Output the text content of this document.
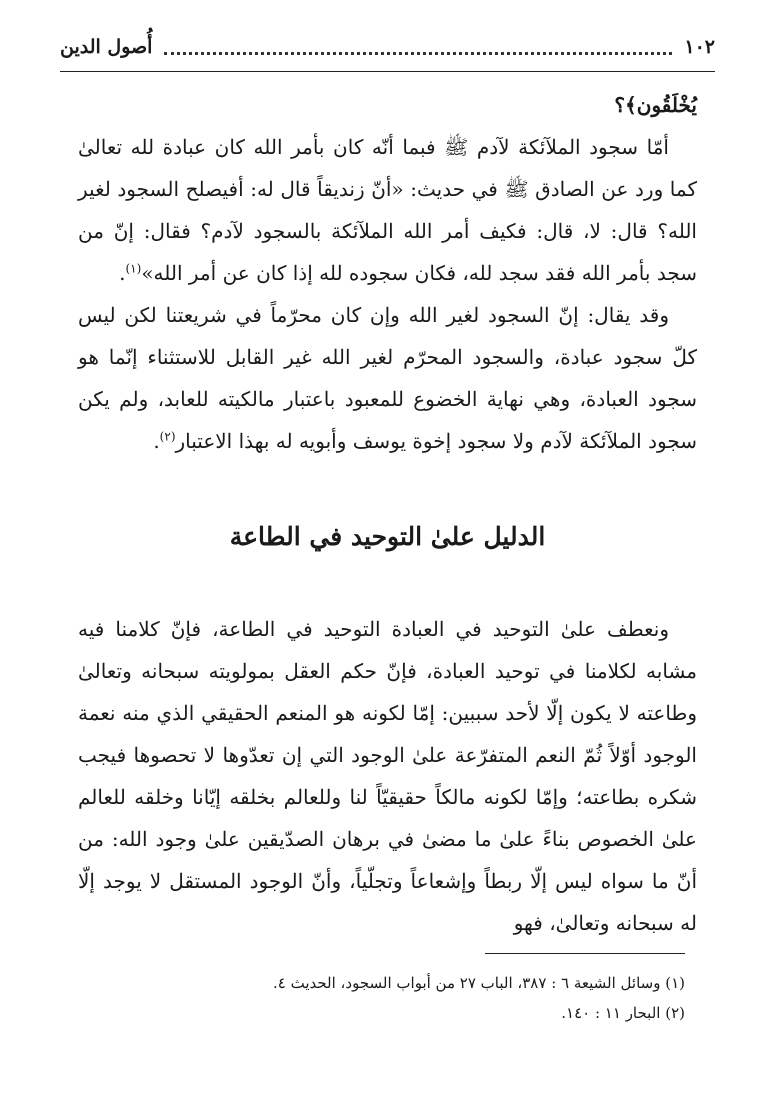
١٠٢
أُصول الدين

يُخْلَقُون﴾؟

أمّا سجود الملآئكة لآدم ﷺ فبما أنّه كان بأمر الله كان عبادة لله تعالىٰ كما ورد عن الصادق ﷺ في حديث: «أنّ زنديقاً قال له: أفيصلح السجود لغير الله؟ قال: لا، قال: فكيف أمر الله الملآئكة بالسجود لآدم؟ فقال: إنّ من سجد بأمر الله فقد سجد لله، فكان سجوده لله إذا كان عن أمر الله»$^{(١)}$.

وقد يقال: إنّ السجود لغير الله وإن كان محرّماً في شريعتنا لكن ليس كلّ سجود عبادة، والسجود المحرّم لغير الله غير القابل للاستثناء إنّما هو سجود العبادة، وهي نهاية الخضوع للمعبود باعتبار مالكيته للعابد، ولم يكن سجود الملآئكة لآدم ولا سجود إخوة يوسف وأبويه له بهذا الاعتبار$^{(٢)}$.

الدليل علىٰ التوحيد في الطاعة

ونعطف علىٰ التوحيد في العبادة التوحيد في الطاعة، فإنّ كلامنا فيه مشابه لكلامنا في توحيد العبادة، فإنّ حكم العقل بمولويته سبحانه وتعالىٰ وطاعته لا يكون إلّا لأحد سببين: إمّا لكونه هو المنعم الحقيقي الذي منه نعمة الوجود أوّلاً ثُمّ النعم المتفرّعة علىٰ الوجود التي إن تعدّوها لا تحصوها فيجب شكره بطاعته؛ وإمّا لكونه مالكاً حقيقيّاً لنا وللعالم بخلقه إيّانا وخلقه للعالم علىٰ الخصوص بناءً علىٰ ما مضىٰ في برهان الصدّيقين علىٰ وجود الله: من أنّ ما سواه ليس إلّا ربطاً وإشعاعاً وتجلّياً، وأنّ الوجود المستقل لا يوجد إلّا له سبحانه وتعالىٰ، فهو

(١) وسائل الشيعة ٦ : ٣٨٧، الباب ٢٧ من أبواب السجود، الحديث ٤.
(٢) البحار ١١ : ١٤٠.
